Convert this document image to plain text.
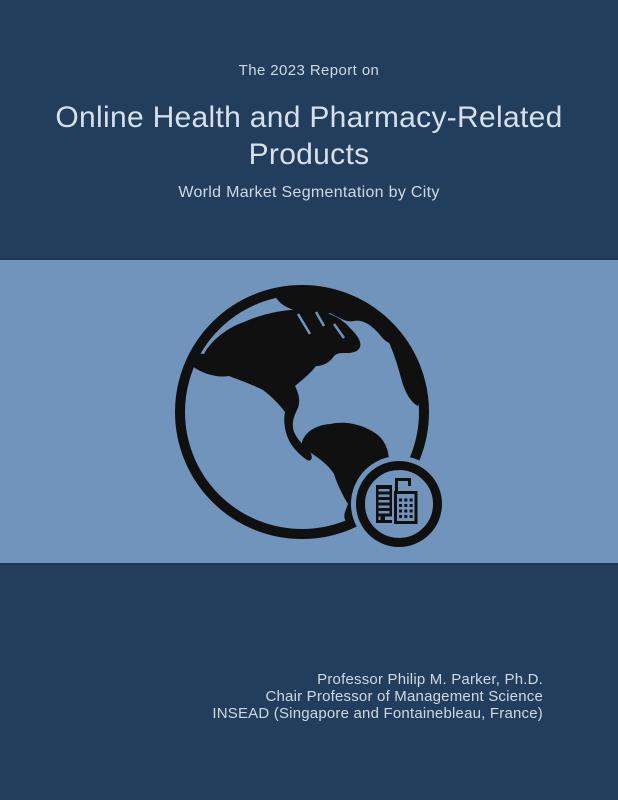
The 2023 Report on
Online Health and Pharmacy-Related Products
World Market Segmentation by City
Professor Philip M. Parker, Ph.D.
Chair Professor of Management Science
INSEAD (Singapore and Fontainebleau, France)
